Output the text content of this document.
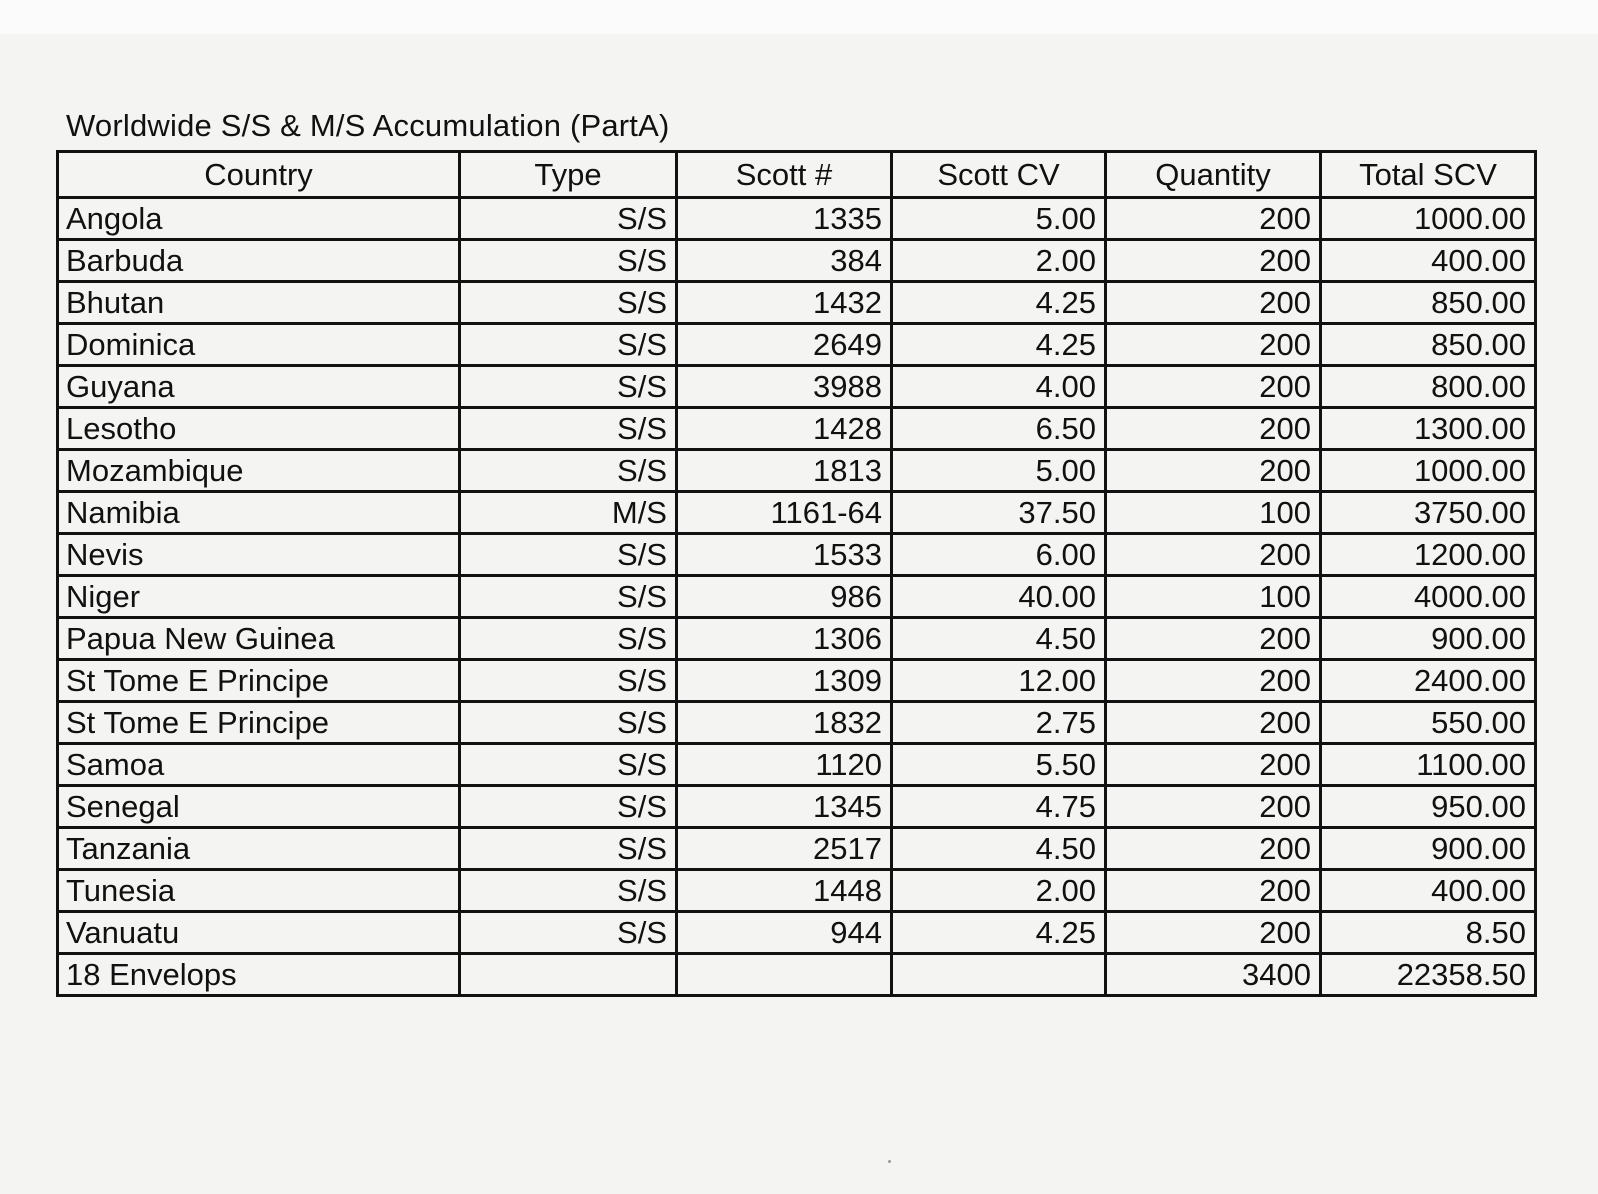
Worldwide S/S & M/S Accumulation (PartA)
Country	Type	Scott #	Scott CV	Quantity	Total SCV
Angola	S/S	1335	5.00	200	1000.00
Barbuda	S/S	384	2.00	200	400.00
Bhutan	S/S	1432	4.25	200	850.00
Dominica	S/S	2649	4.25	200	850.00
Guyana	S/S	3988	4.00	200	800.00
Lesotho	S/S	1428	6.50	200	1300.00
Mozambique	S/S	1813	5.00	200	1000.00
Namibia	M/S	1161-64	37.50	100	3750.00
Nevis	S/S	1533	6.00	200	1200.00
Niger	S/S	986	40.00	100	4000.00
Papua New Guinea	S/S	1306	4.50	200	900.00
St Tome E Principe	S/S	1309	12.00	200	2400.00
St Tome E Principe	S/S	1832	2.75	200	550.00
Samoa	S/S	1120	5.50	200	1100.00
Senegal	S/S	1345	4.75	200	950.00
Tanzania	S/S	2517	4.50	200	900.00
Tunesia	S/S	1448	2.00	200	400.00
Vanuatu	S/S	944	4.25	200	8.50
18 Envelops				3400	22358.50
